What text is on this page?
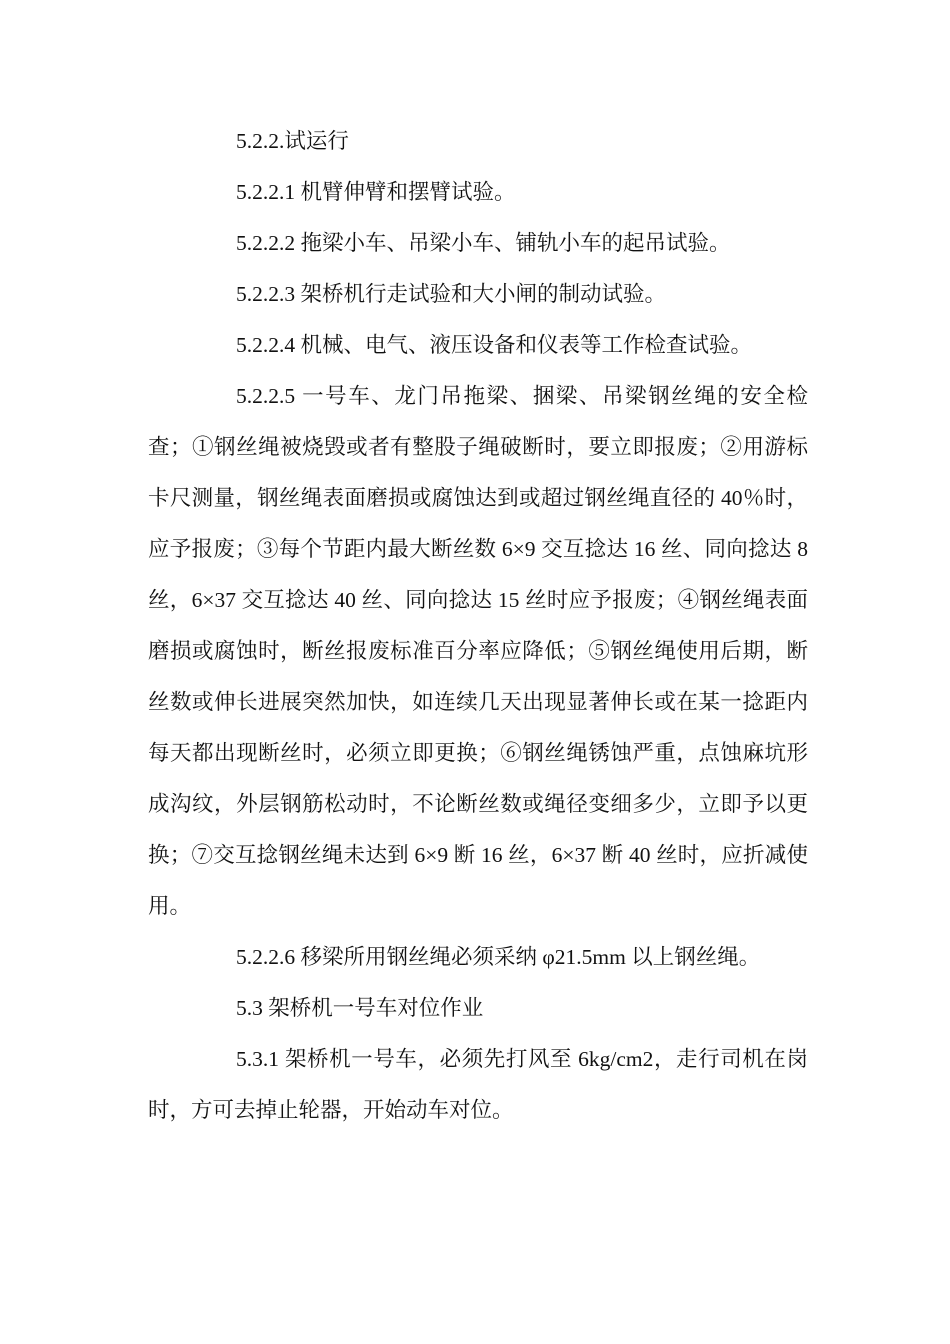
5.2.2.试运行

5.2.2.1 机臂伸臂和摆臂试验。

5.2.2.2 拖梁小车、吊梁小车、铺轨小车的起吊试验。

5.2.2.3 架桥机行走试验和大小闸的制动试验。

5.2.2.4 机械、电气、液压设备和仪表等工作检查试验。

5.2.2.5 一号车、龙门吊拖梁、捆梁、吊梁钢丝绳的安全检查；①钢丝绳被烧毁或者有整股子绳破断时，要立即报废；②用游标卡尺测量，钢丝绳表面磨损或腐蚀达到或超过钢丝绳直径的 40％时，应予报废；③每个节距内最大断丝数 6×9 交互捻达 16 丝、同向捻达 8 丝，6×37 交互捻达 40 丝、同向捻达 15 丝时应予报废；④钢丝绳表面磨损或腐蚀时，断丝报废标准百分率应降低；⑤钢丝绳使用后期，断丝数或伸长进展突然加快，如连续几天出现显著伸长或在某一捻距内每天都出现断丝时，必须立即更换；⑥钢丝绳锈蚀严重，点蚀麻坑形成沟纹，外层钢筋松动时，不论断丝数或绳径变细多少，立即予以更换；⑦交互捻钢丝绳未达到 6×9 断 16 丝，6×37 断 40 丝时，应折减使用。

5.2.2.6 移梁所用钢丝绳必须采纳 φ21.5mm 以上钢丝绳。

5.3 架桥机一号车对位作业

5.3.1 架桥机一号车，必须先打风至 6kg/cm2，走行司机在岗时，方可去掉止轮器，开始动车对位。
